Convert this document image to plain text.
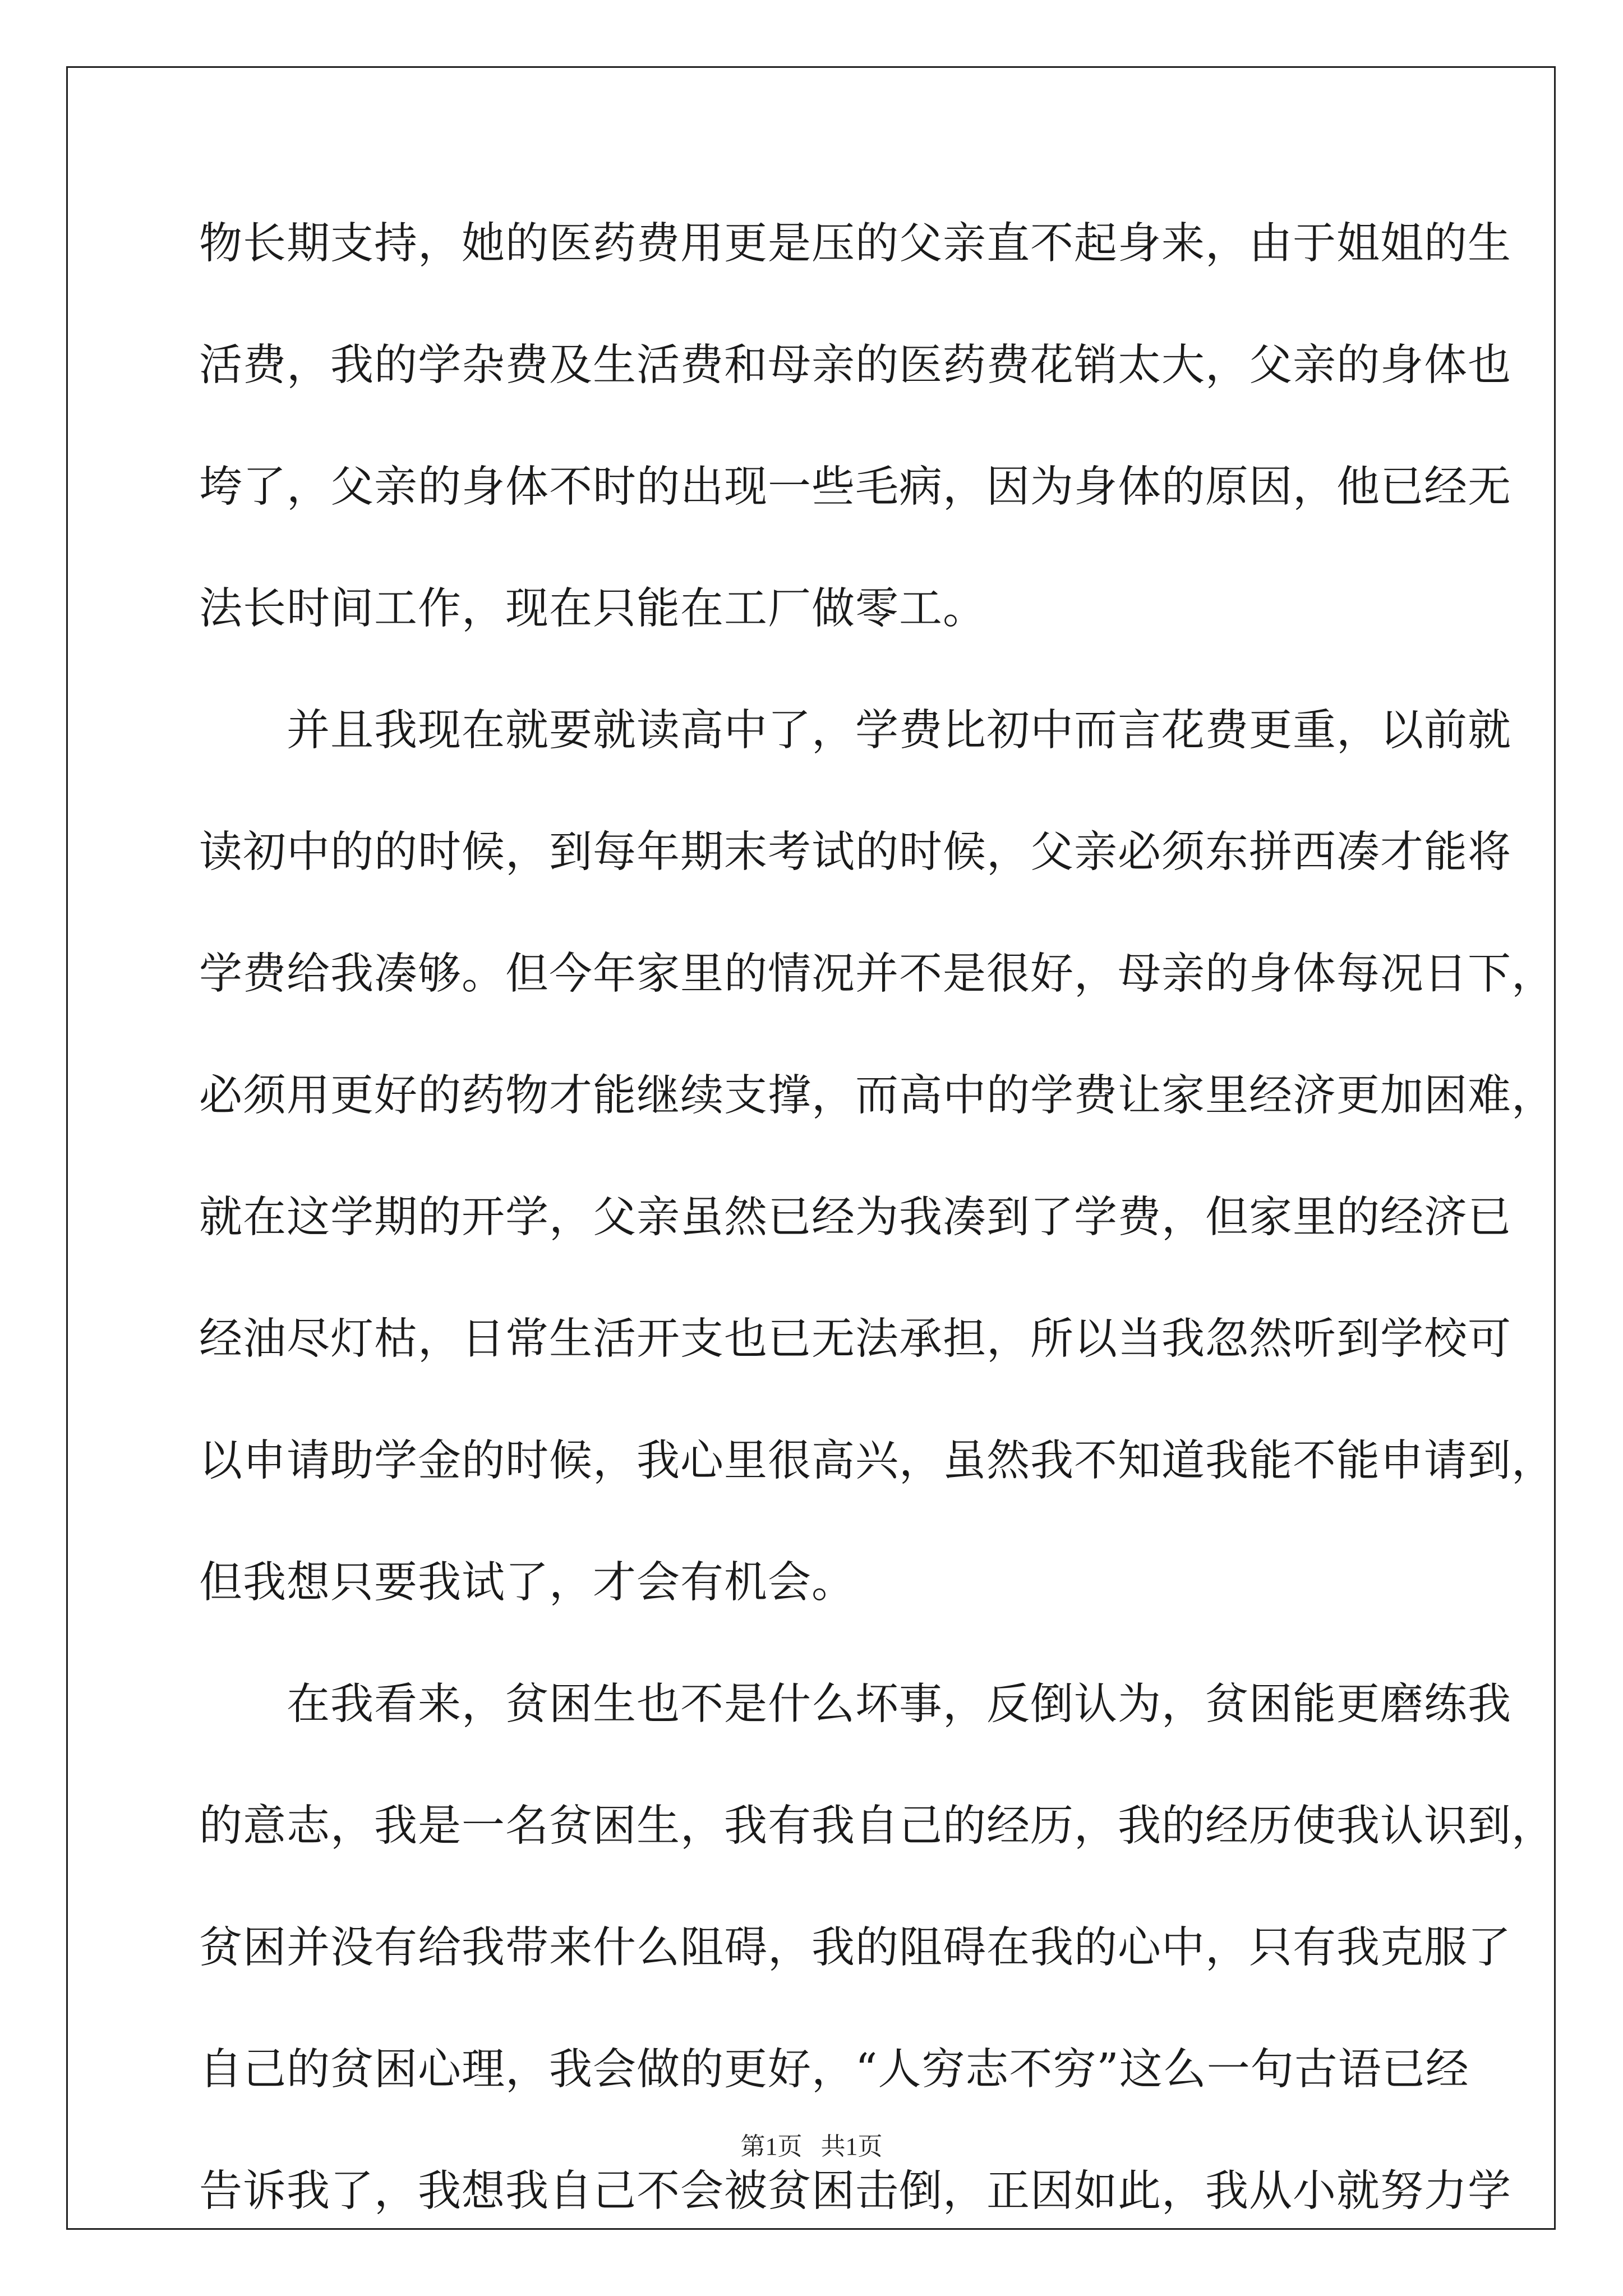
物长期支持，她的医药费用更是压的父亲直不起身来，由于姐姐的生
活费，我的学杂费及生活费和母亲的医药费花销太大，父亲的身体也
垮了，父亲的身体不时的出现一些毛病，因为身体的原因，他已经无
法长时间工作，现在只能在工厂做零工。
　　并且我现在就要就读高中了，学费比初中而言花费更重，以前就
读初中的的时候，到每年期末考试的时候，父亲必须东拼西凑才能将
学费给我凑够。但今年家里的情况并不是很好，母亲的身体每况日下，
必须用更好的药物才能继续支撑，而高中的学费让家里经济更加困难，
就在这学期的开学，父亲虽然已经为我凑到了学费，但家里的经济已
经油尽灯枯，日常生活开支也已无法承担，所以当我忽然听到学校可
以申请助学金的时候，我心里很高兴，虽然我不知道我能不能申请到，
但我想只要我试了，才会有机会。
　　在我看来，贫困生也不是什么坏事，反倒认为，贫困能更磨练我
的意志，我是一名贫困生，我有我自己的经历，我的经历使我认识到，
贫困并没有给我带来什么阻碍，我的阻碍在我的心中，只有我克服了
自己的贫困心理，我会做的更好，“人穷志不穷”这么一句古语已经
告诉我了，我想我自己不会被贫困击倒，正因如此，我从小就努力学
第1页   共1页
